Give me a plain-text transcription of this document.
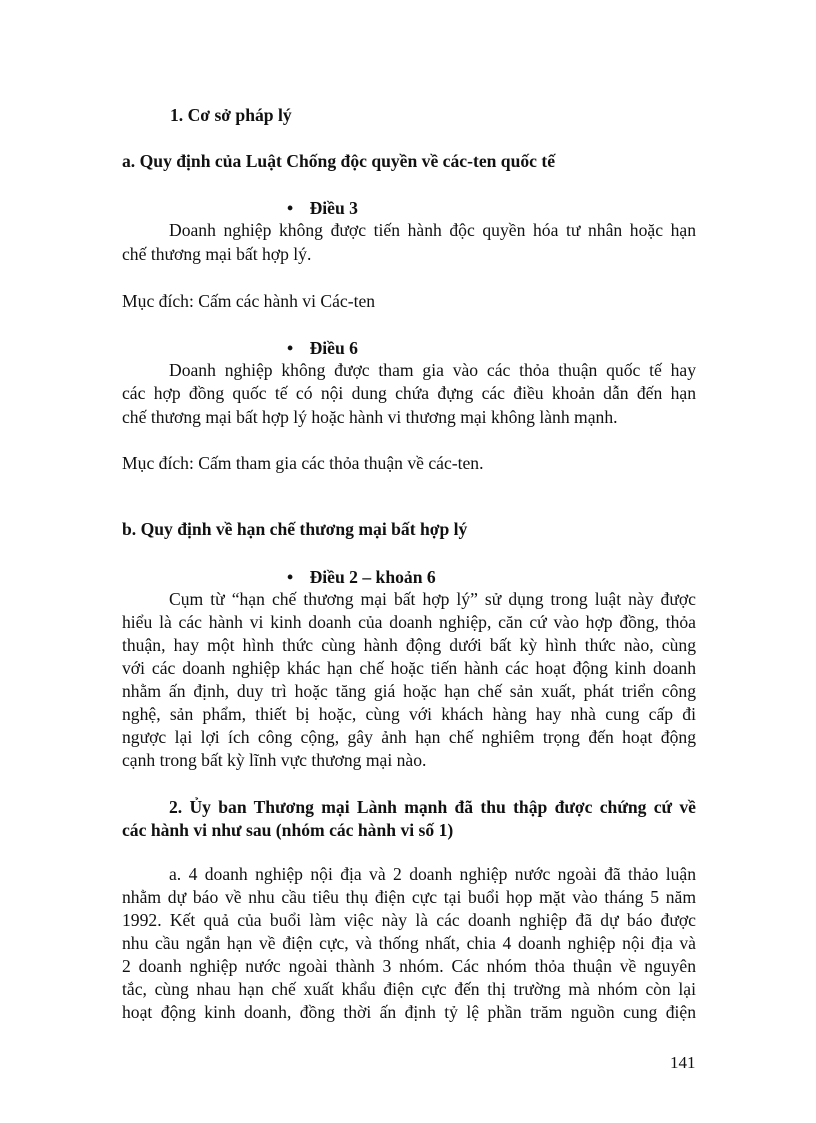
1. Cơ sở pháp lý
a. Quy định của Luật Chống độc quyền về các-ten quốc tế
• Điều 3
Doanh nghiệp không được tiến hành độc quyền hóa tư nhân hoặc hạn
chế thương mại bất hợp lý.
Mục đích: Cấm các hành vi Các-ten
• Điều 6
Doanh nghiệp không được tham gia vào các thỏa thuận quốc tế hay
các hợp đồng quốc tế có nội dung chứa đựng các điều khoản dẫn đến hạn
chế thương mại bất hợp lý hoặc hành vi thương mại không lành mạnh.
Mục đích: Cấm tham gia các thỏa thuận về các-ten.
b. Quy định về hạn chế thương mại bất hợp lý
• Điều 2 – khoản 6
Cụm từ “hạn chế thương mại bất hợp lý” sử dụng trong luật này được
hiểu là các hành vi kinh doanh của doanh nghiệp, căn cứ vào hợp đồng, thỏa
thuận, hay một hình thức cùng hành động dưới bất kỳ hình thức nào, cùng
với các doanh nghiệp khác hạn chế hoặc tiến hành các hoạt động kinh doanh
nhằm ấn định, duy trì hoặc tăng giá hoặc hạn chế sản xuất, phát triển công
nghệ, sản phẩm, thiết bị hoặc, cùng với khách hàng hay nhà cung cấp đi
ngược lại lợi ích công cộng, gây ảnh hạn chế nghiêm trọng đến hoạt động
cạnh trong bất kỳ lĩnh vực thương mại nào.
2. Ủy ban Thương mại Lành mạnh đã thu thập được chứng cứ về
các hành vi như sau (nhóm các hành vi số 1)
a. 4 doanh nghiệp nội địa và 2 doanh nghiệp nước ngoài đã thảo luận
nhằm dự báo về nhu cầu tiêu thụ điện cực tại buổi họp mặt vào tháng 5 năm
1992. Kết quả của buổi làm việc này là các doanh nghiệp đã dự báo được
nhu cầu ngắn hạn về điện cực, và thống nhất, chia 4 doanh nghiệp nội địa và
2 doanh nghiệp nước ngoài thành 3 nhóm. Các nhóm thỏa thuận về nguyên
tắc, cùng nhau hạn chế xuất khẩu điện cực đến thị trường mà nhóm còn lại
hoạt động kinh doanh, đồng thời ấn định tỷ lệ phần trăm nguồn cung điện
141
